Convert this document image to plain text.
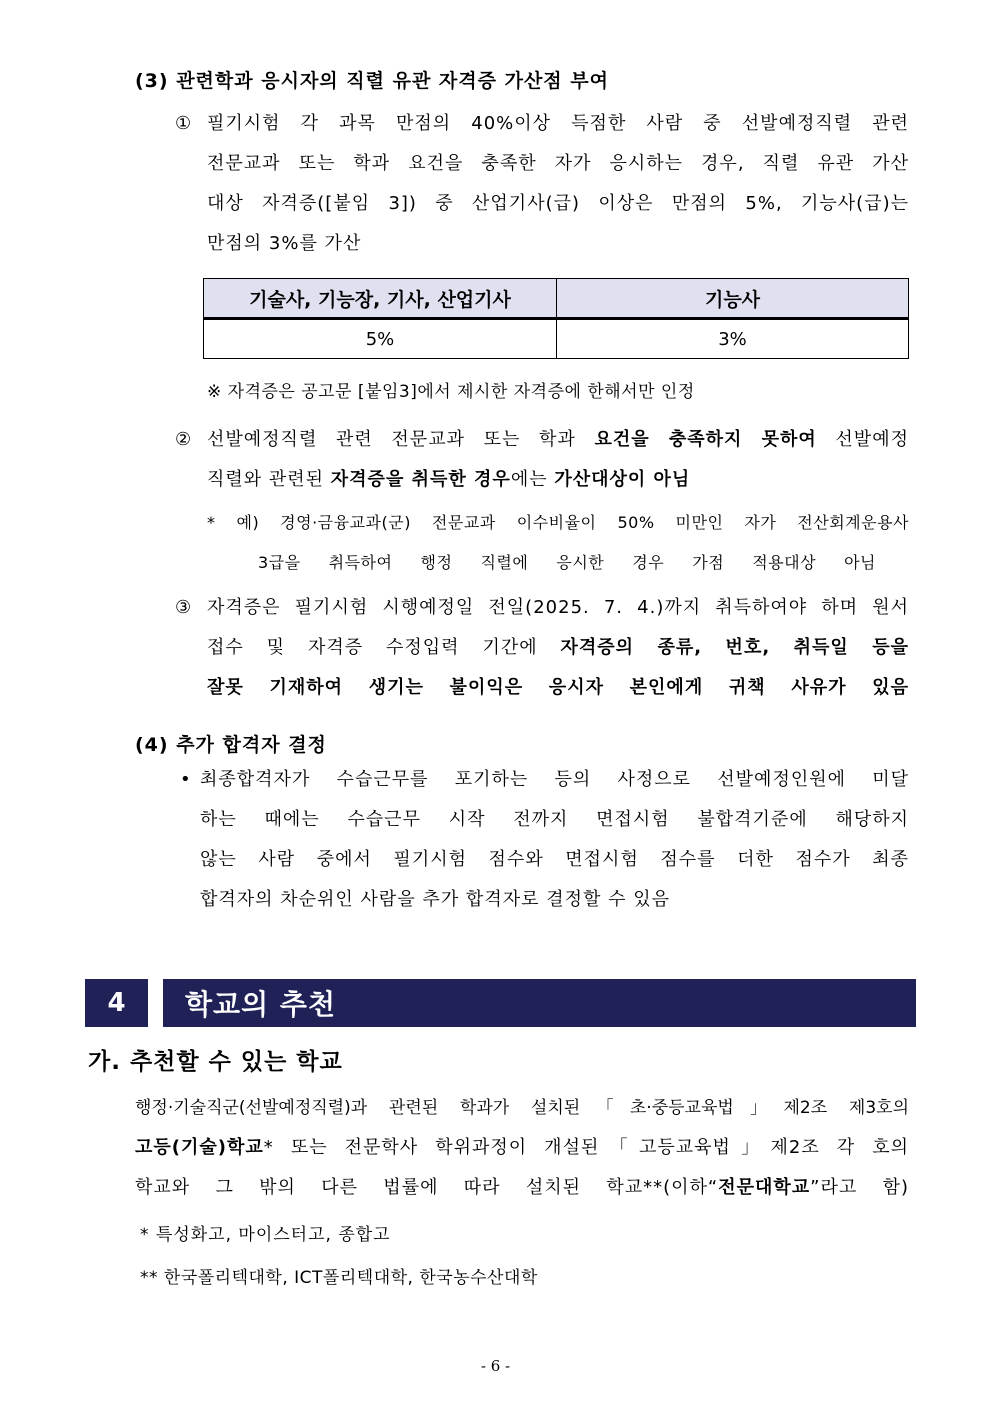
(3) 관련학과 응시자의 직렬 유관 자격증 가산점 부여
① 필기시험 각 과목 만점의 40%이상 득점한 사람 중 선발예정직렬 관련
전문교과 또는 학과 요건을 충족한 자가 응시하는 경우, 직렬 유관 가산
대상 자격증([붙임 3]) 중 산업기사(급) 이상은 만점의 5%, 기능사(급)는
만점의 3%를 가산
기술사, 기능장, 기사, 산업기사	기능사
5%	3%
※ 자격증은 공고문 [붙임3]에서 제시한 자격증에 한해서만 인정
② 선발예정직렬 관련 전문교과 또는 학과 요건을 충족하지 못하여 선발예정
직렬와 관련된 자격증을 취득한 경우에는 가산대상이 아님
* 예) 경영·금융교과(군) 전문교과 이수비율이 50% 미만인 자가 전산회계운용사
3급을 취득하여 행정 직렬에 응시한 경우 가점 적용대상 아님
③ 자격증은 필기시험 시행예정일 전일(2025. 7. 4.)까지 취득하여야 하며 원서
접수 및 자격증 수정입력 기간에 자격증의 종류, 번호, 취득일 등을
잘못 기재하여 생기는 불이익은 응시자 본인에게 귀책 사유가 있음
(4) 추가 합격자 결정
• 최종합격자가 수습근무를 포기하는 등의 사정으로 선발예정인원에 미달
하는 때에는 수습근무 시작 전까지 면접시험 불합격기준에 해당하지
않는 사람 중에서 필기시험 점수와 면접시험 점수를 더한 점수가 최종
합격자의 차순위인 사람을 추가 합격자로 결정할 수 있음
4 학교의 추천
가. 추천할 수 있는 학교
행정·기술직군(선발예정직렬)과 관련된 학과가 설치된「초·중등교육법」제2조 제3호의
고등(기술)학교* 또는 전문학사 학위과정이 개설된「고등교육법」제2조 각 호의
학교와 그 밖의 다른 법률에 따라 설치된 학교**(이하“전문대학교”라고 함)
* 특성화고, 마이스터고, 종합고
** 한국폴리텍대학, ICT폴리텍대학, 한국농수산대학
- 6 -
